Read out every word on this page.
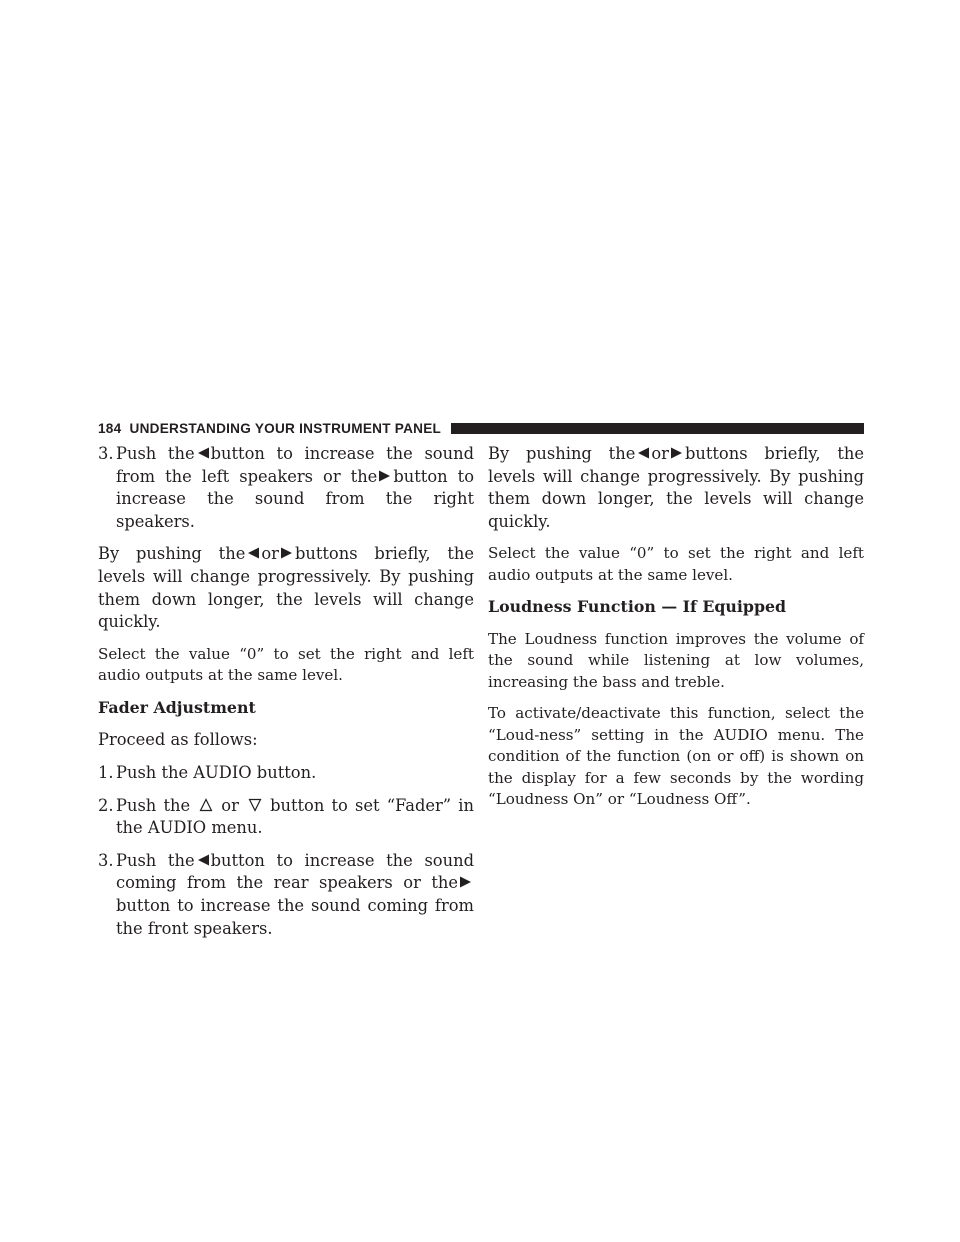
184 UNDERSTANDING YOUR INSTRUMENT PANEL
3. Push the button to increase the sound from the left speakers or the button to increase the sound from the right speakers.

By pushing the or buttons briefly, the levels will change progressively. By pushing them down longer, the levels will change quickly.

Select the value “0” to set the right and left audio outputs at the same level.

Fader Adjustment

Proceed as follows:

1. Push the AUDIO button.
2. Push the or button to set “Fader” in the AUDIO menu.
3. Push the button to increase the sound coming from the rear speakers or the
button to increase the sound coming from the front speakers.

By pushing the or buttons briefly, the levels will change progressively. By pushing them down longer, the levels will change quickly.

Select the value “0” to set the right and left audio outputs at the same level.

Loudness Function — If Equipped

The Loudness function improves the volume of the sound while listening at low volumes, increasing the bass and treble.

To activate/deactivate this function, select the “Loud-ness” setting in the AUDIO menu. The condition of the function (on or off) is shown on the display for a few seconds by the wording “Loudness On” or “Loudness Off”.
